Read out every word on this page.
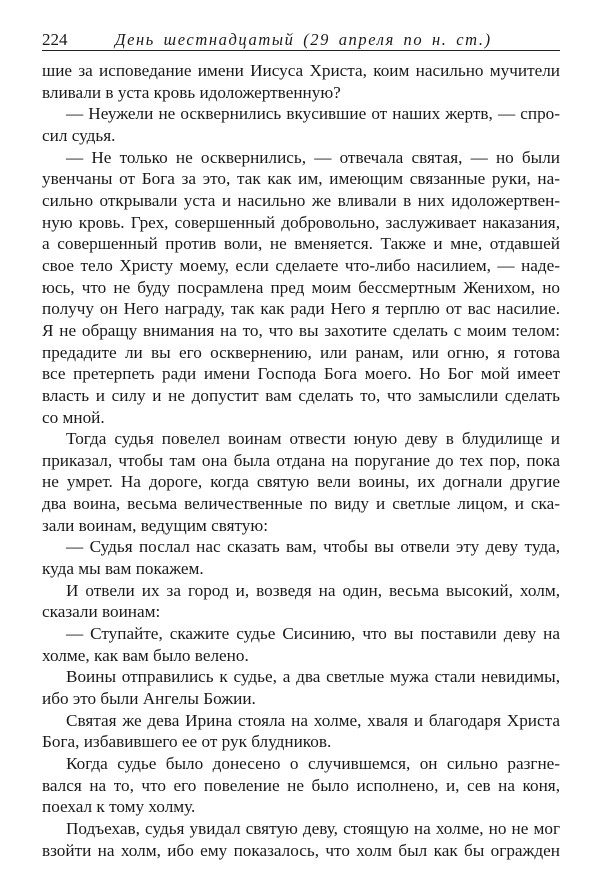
224	День шестнадцатый (29 апреля по н. ст.)
шие за исповедание имени Иисуса Христа, коим насильно мучители
вливали в уста кровь идоложертвенную?
— Неужели не осквернились вкусившие от наших жертв, — спро-
сил судья.
— Не только не осквернились, — отвечала святая, — но были
увенчаны от Бога за это, так как им, имеющим связанные руки, на-
сильно открывали уста и насильно же вливали в них идоложертвен-
ную кровь. Грех, совершенный добровольно, заслуживает наказания,
а совершенный против воли, не вменяется. Также и мне, отдавшей
свое тело Христу моему, если сделаете что-либо насилием, — наде-
юсь, что не буду посрамлена пред моим бессмертным Женихом, но
получу он Него награду, так как ради Него я терплю от вас насилие.
Я не обращу внимания на то, что вы захотите сделать с моим телом:
предадите ли вы его осквернению, или ранам, или огню, я готова
все претерпеть ради имени Господа Бога моего. Но Бог мой имеет
власть и силу и не допустит вам сделать то, что замыслили сделать
со мной.
Тогда судья повелел воинам отвести юную деву в блудилище и
приказал, чтобы там она была отдана на поругание до тех пор, пока
не умрет. На дороге, когда святую вели воины, их догнали другие
два воина, весьма величественные по виду и светлые лицом, и ска-
зали воинам, ведущим святую:
— Судья послал нас сказать вам, чтобы вы отвели эту деву туда,
куда мы вам покажем.
И отвели их за город и, возведя на один, весьма высокий, холм,
сказали воинам:
— Ступайте, скажите судье Сисинию, что вы поставили деву на
холме, как вам было велено.
Воины отправились к судье, а два светлые мужа стали невидимы,
ибо это были Ангелы Божии.
Святая же дева Ирина стояла на холме, хваля и благодаря Христа
Бога, избавившего ее от рук блудников.
Когда судье было донесено о случившемся, он сильно разгне-
вался на то, что его повеление не было исполнено, и, сев на коня,
поехал к тому холму.
Подъехав, судья увидал святую деву, стоящую на холме, но не мог
взойти на холм, ибо ему показалось, что холм был как бы огражден
